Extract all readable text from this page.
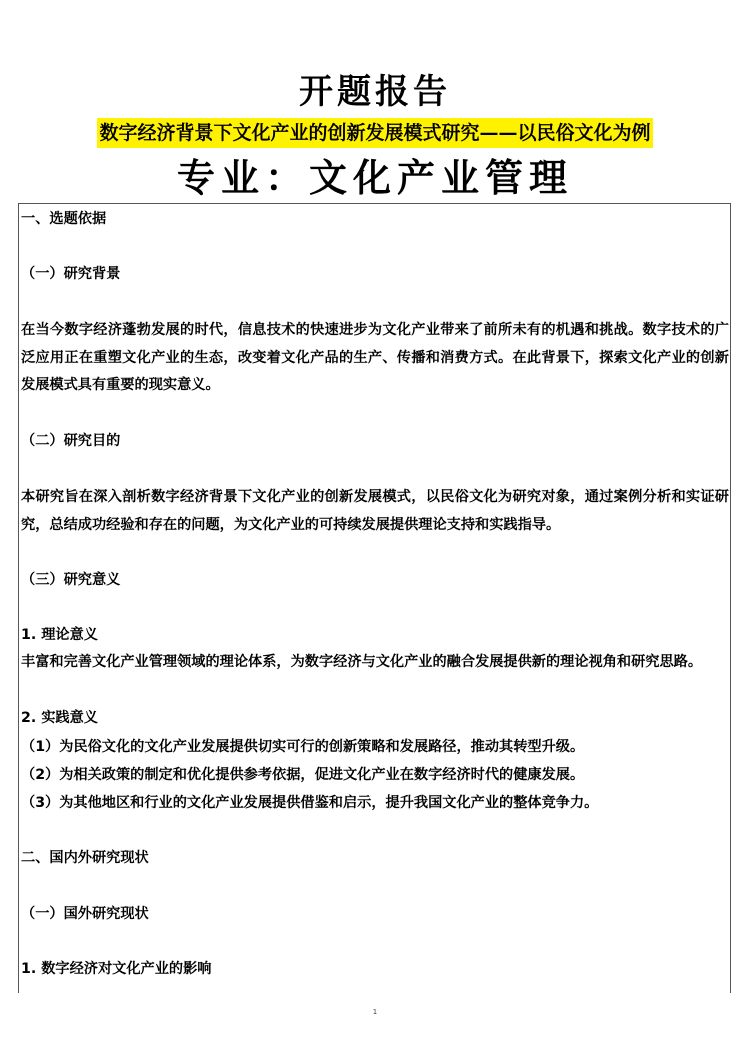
开题报告
数字经济背景下文化产业的创新发展模式研究——以民俗文化为例
专业：文化产业管理
一、选题依据
（一）研究背景
在当今数字经济蓬勃发展的时代，信息技术的快速进步为文化产业带来了前所未有的机遇和挑战。数字技术的广泛应用正在重塑文化产业的生态，改变着文化产品的生产、传播和消费方式。在此背景下，探索文化产业的创新发展模式具有重要的现实意义。
（二）研究目的
本研究旨在深入剖析数字经济背景下文化产业的创新发展模式，以民俗文化为研究对象，通过案例分析和实证研究，总结成功经验和存在的问题，为文化产业的可持续发展提供理论支持和实践指导。
（三）研究意义
1. 理论意义
丰富和完善文化产业管理领域的理论体系，为数字经济与文化产业的融合发展提供新的理论视角和研究思路。
2. 实践意义
（1）为民俗文化的文化产业发展提供切实可行的创新策略和发展路径，推动其转型升级。
（2）为相关政策的制定和优化提供参考依据，促进文化产业在数字经济时代的健康发展。
（3）为其他地区和行业的文化产业发展提供借鉴和启示，提升我国文化产业的整体竞争力。
二、国内外研究现状
（一）国外研究现状
1. 数字经济对文化产业的影响
1
